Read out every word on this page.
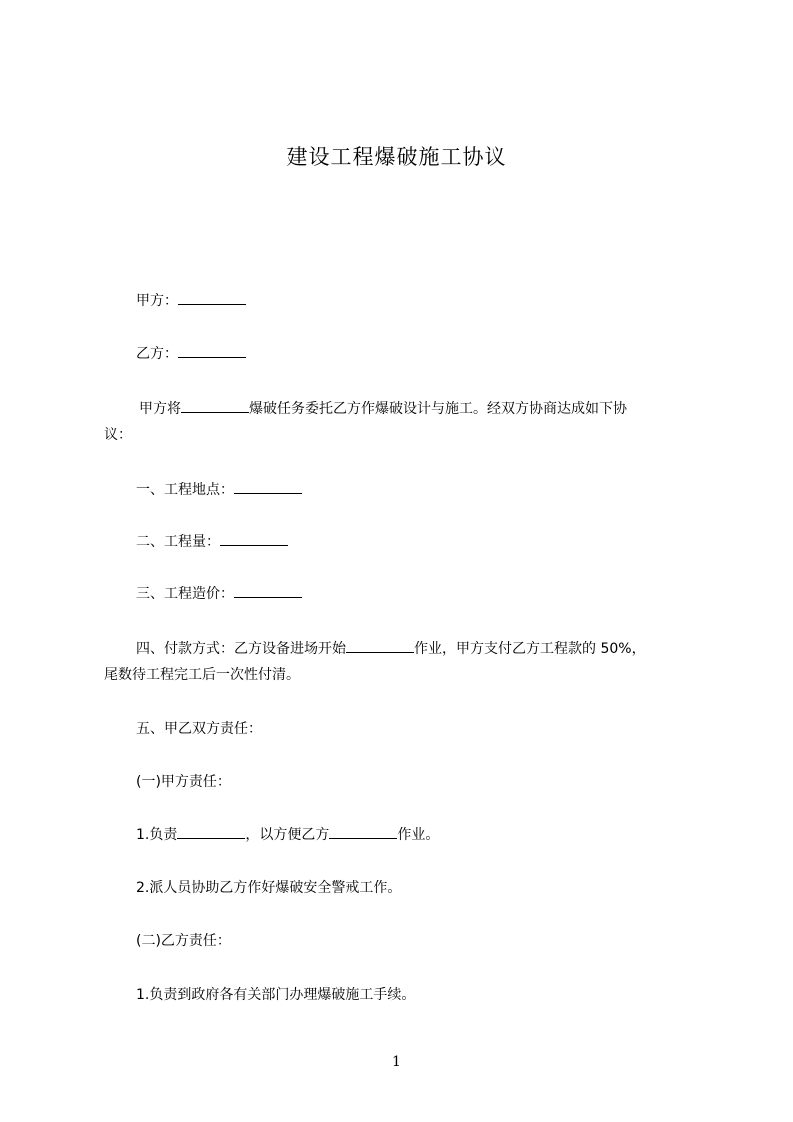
建设工程爆破施工协议
甲方：
乙方：
甲方将	爆破任务委托乙方作爆破设计与施工。经双方协商达成如下协
议：
一、工程地点：
二、工程量：
三、工程造价：
四、付款方式：乙方设备进场开始	作业，甲方支付乙方工程款的 50%，
尾数待工程完工后一次性付清。
五、甲乙双方责任：
(一)甲方责任：
1.负责	，以方便乙方	作业。
2.派人员协助乙方作好爆破安全警戒工作。
(二)乙方责任：
1.负责到政府各有关部门办理爆破施工手续。
1
